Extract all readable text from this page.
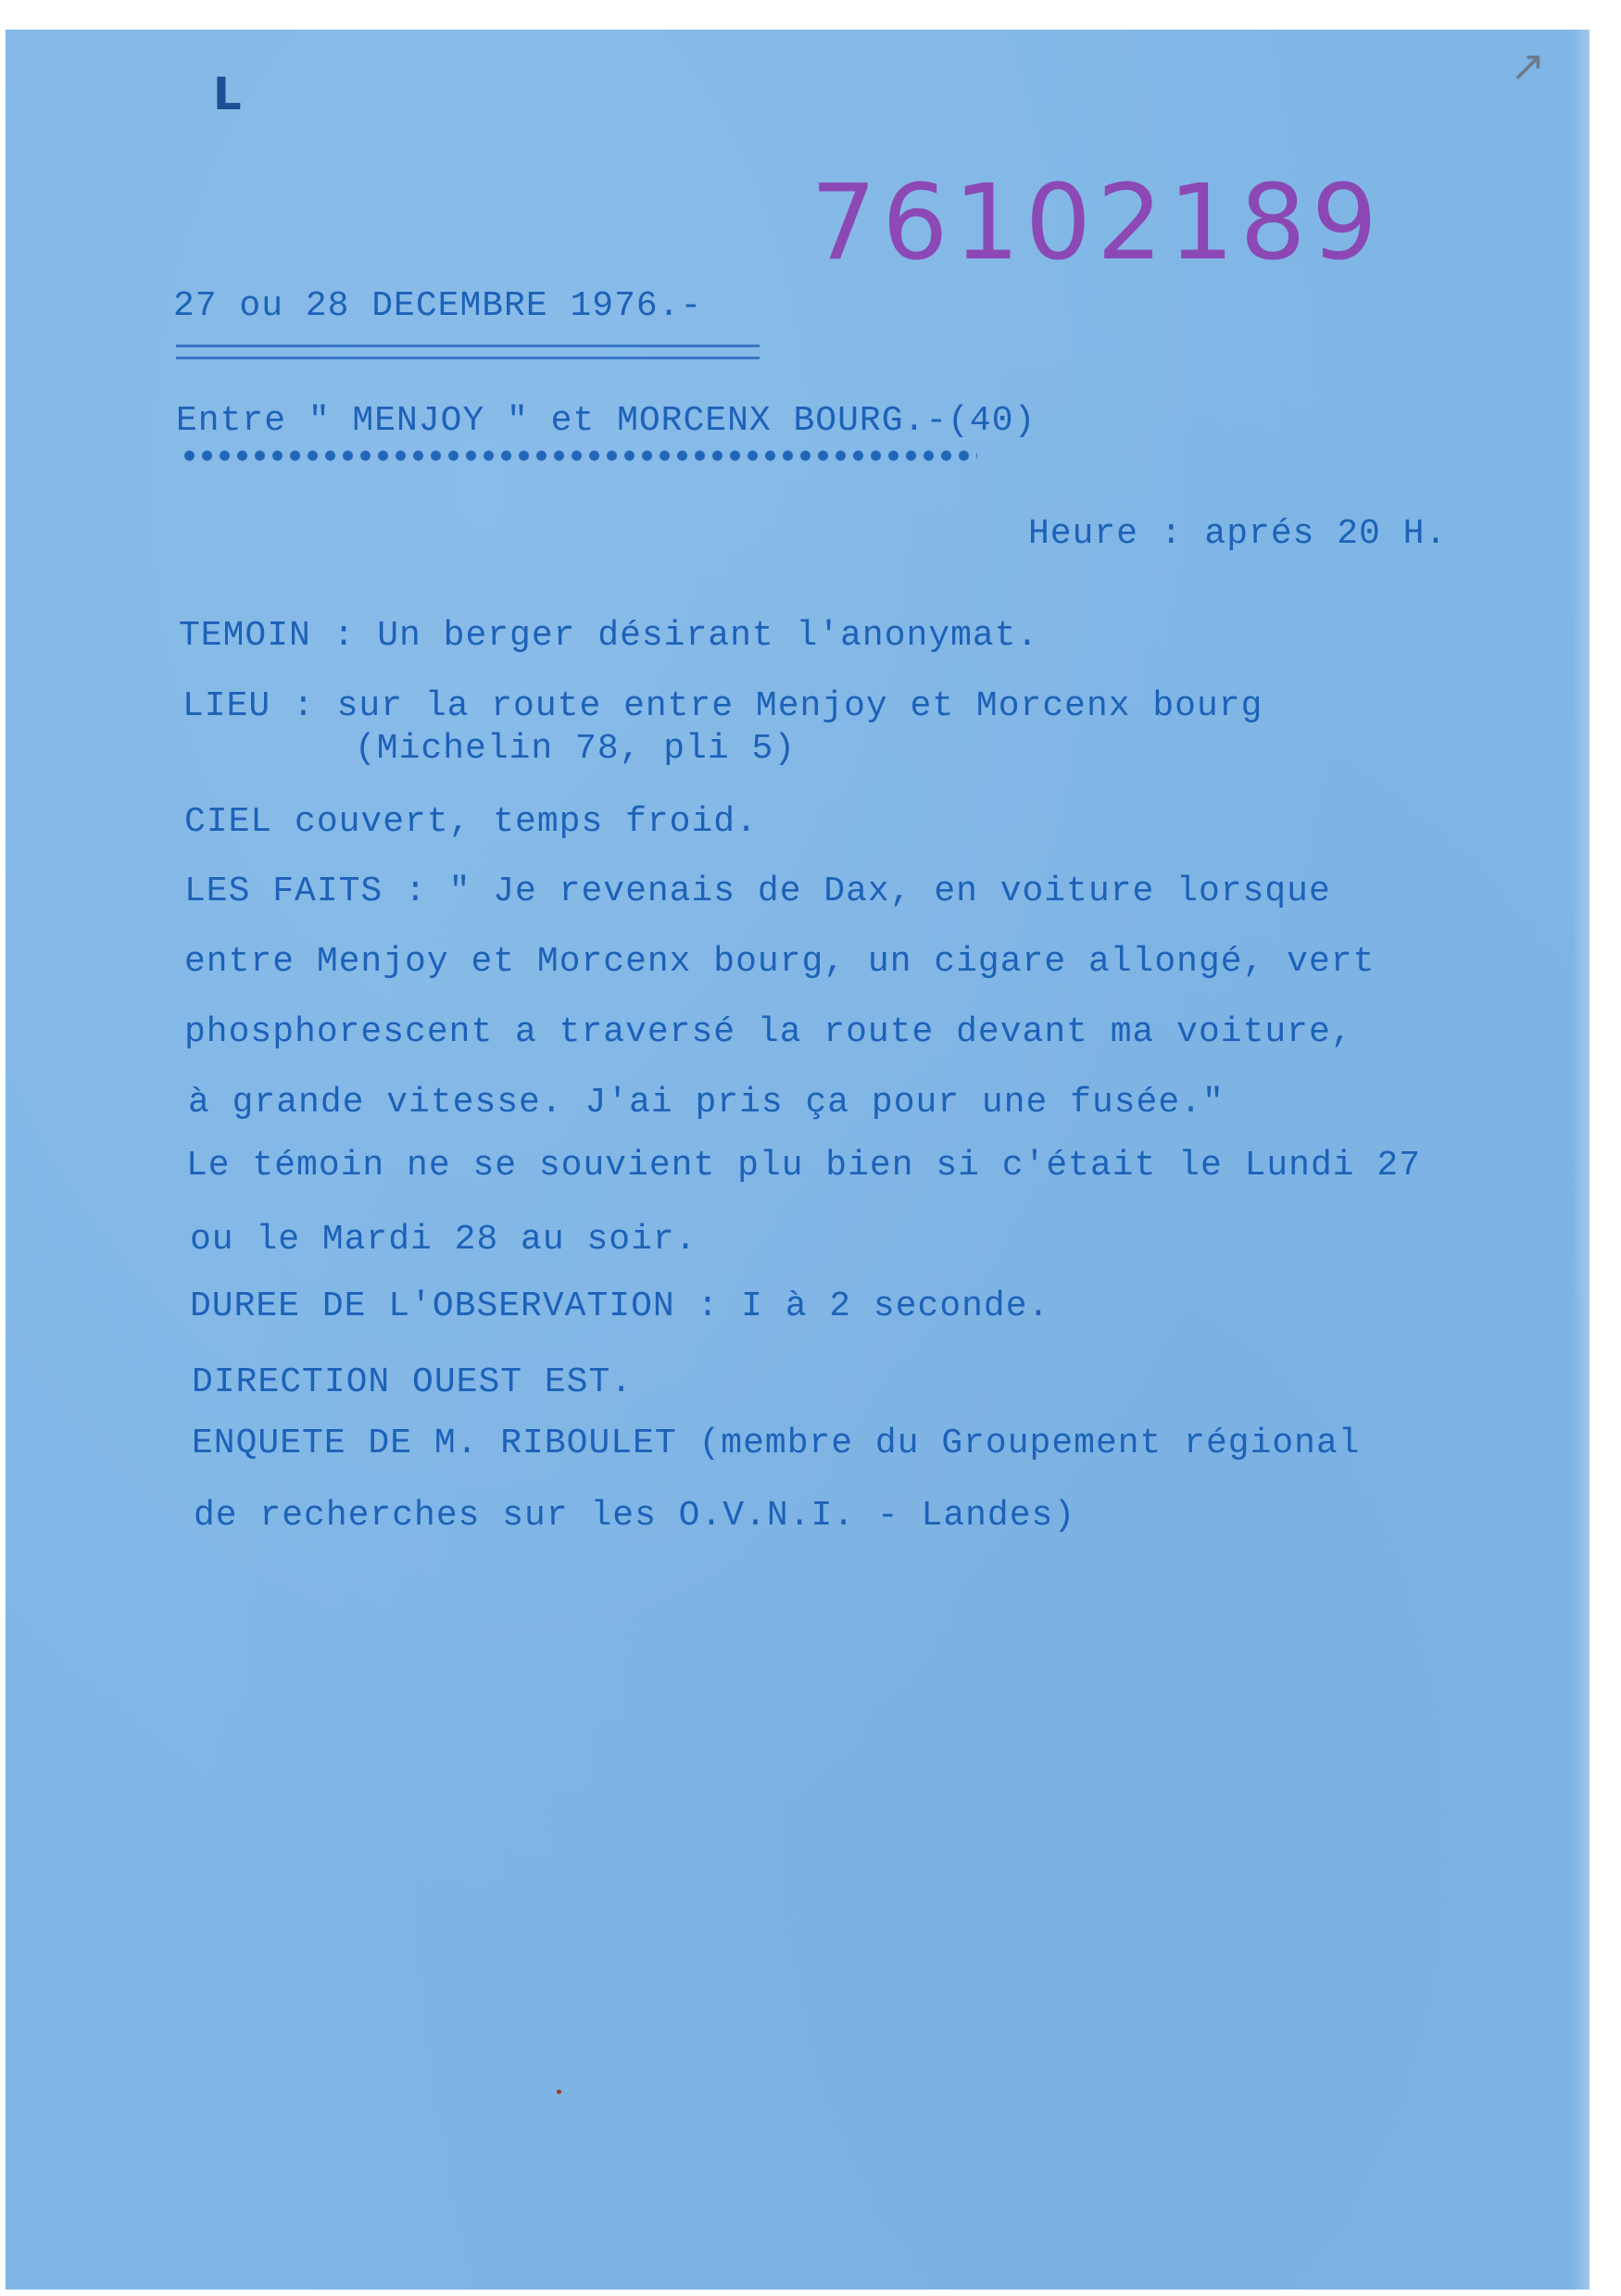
L

↗

76102189

27 ou 28 DECEMBRE 1976.-

Entre " MENJOY " et MORCENX BOURG.-(40)

Heure : aprés 20 H.

TEMOIN : Un berger désirant l'anonymat.

LIEU : sur la route entre Menjoy et Morcenx bourg

(Michelin 78, pli 5)

CIEL couvert, temps froid.

LES FAITS : " Je revenais de Dax, en voiture lorsque

entre Menjoy et Morcenx bourg, un cigare allongé, vert

phosphorescent a traversé la route devant ma voiture,

à grande vitesse. J'ai pris ça pour une fusée."

Le témoin ne se souvient plu bien si c'était le Lundi 27

ou le Mardi 28 au soir.

DUREE DE L'OBSERVATION : I à 2 seconde.

DIRECTION OUEST EST.

ENQUETE DE M. RIBOULET (membre du Groupement régional

de recherches sur les O.V.N.I. - Landes)
